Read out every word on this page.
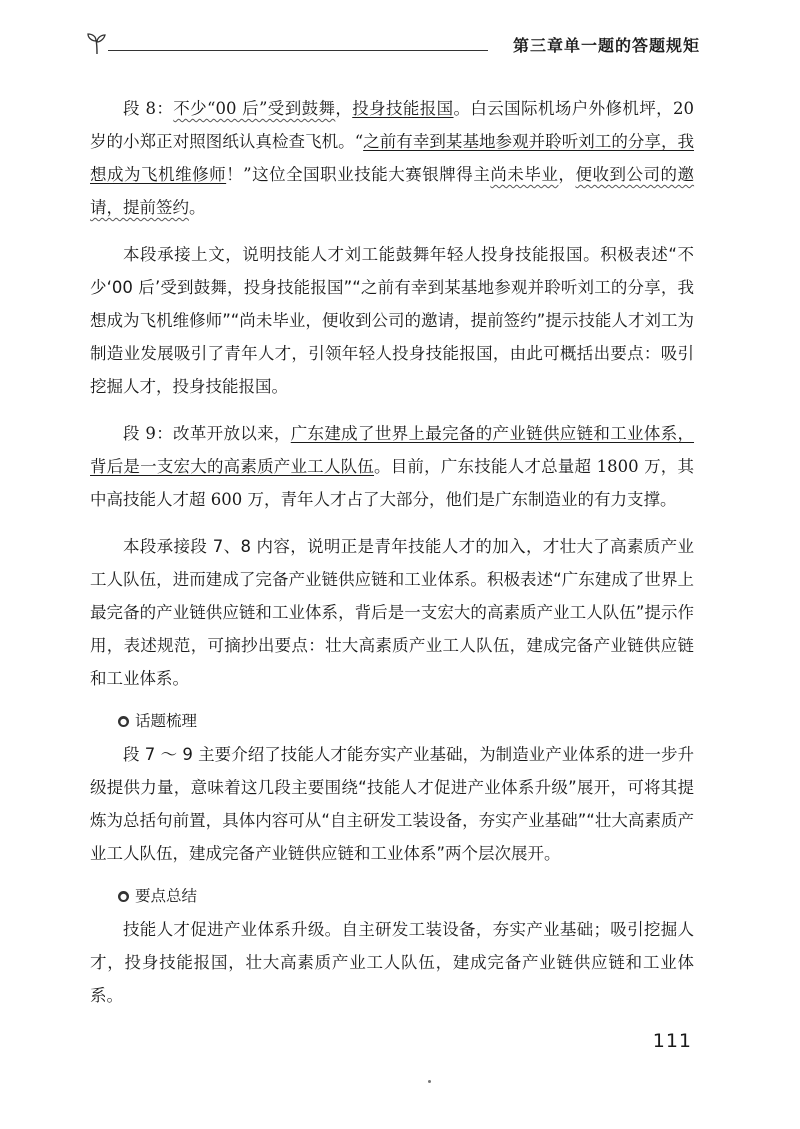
第三章 单一题的答题规矩

段 8：不少“00 后”受到鼓舞，投身技能报国。白云国际机场户外修机坪，20 岁的小郑正对照图纸认真检查飞机。“之前有幸到某基地参观并聆听刘工的分享，我想成为飞机维修师！”这位全国职业技能大赛银牌得主尚未毕业，便收到公司的邀请，提前签约。

本段承接上文，说明技能人才刘工能鼓舞年轻人投身技能报国。积极表述“不少‘00 后’受到鼓舞，投身技能报国”“之前有幸到某基地参观并聆听刘工的分享，我想成为飞机维修师”“尚未毕业，便收到公司的邀请，提前签约”提示技能人才刘工为制造业发展吸引了青年人才，引领年轻人投身技能报国，由此可概括出要点：吸引挖掘人才，投身技能报国。

段 9：改革开放以来，广东建成了世界上最完备的产业链供应链和工业体系，背后是一支宏大的高素质产业工人队伍。目前，广东技能人才总量超 1800 万，其中高技能人才超 600 万，青年人才占了大部分，他们是广东制造业的有力支撑。

本段承接段 7、8 内容，说明正是青年技能人才的加入，才壮大了高素质产业工人队伍，进而建成了完备产业链供应链和工业体系。积极表述“广东建成了世界上最完备的产业链供应链和工业体系，背后是一支宏大的高素质产业工人队伍”提示作用，表述规范，可摘抄出要点：壮大高素质产业工人队伍，建成完备产业链供应链和工业体系。

● 话题梳理

段 7 ～ 9 主要介绍了技能人才能夯实产业基础，为制造业产业体系的进一步升级提供力量，意味着这几段主要围绕“技能人才促进产业体系升级”展开，可将其提炼为总括句前置，具体内容可从“自主研发工装设备，夯实产业基础”“壮大高素质产业工人队伍，建成完备产业链供应链和工业体系”两个层次展开。

● 要点总结

技能人才促进产业体系升级。自主研发工装设备，夯实产业基础；吸引挖掘人才，投身技能报国，壮大高素质产业工人队伍，建成完备产业链供应链和工业体系。

111
